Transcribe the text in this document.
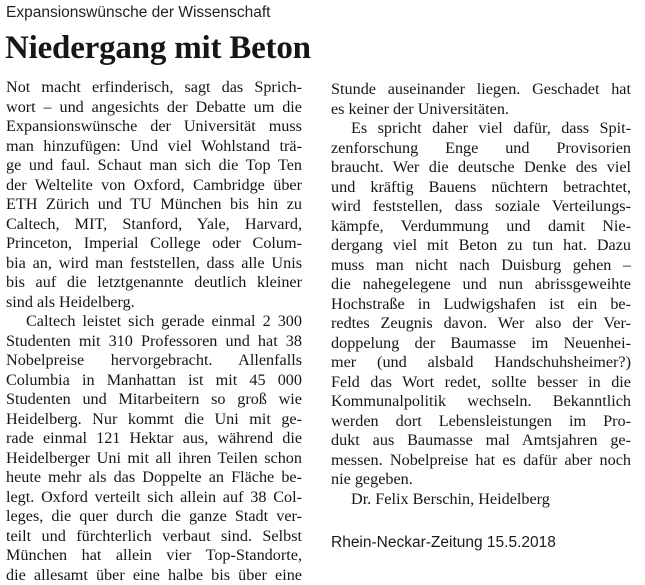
Expansionswünsche der Wissenschaft
Niedergang mit Beton
Not macht erfinderisch, sagt das Sprich-
wort – und angesichts der Debatte um die
Expansionswünsche der Universität muss
man hinzufügen: Und viel Wohlstand trä-
ge und faul. Schaut man sich die Top Ten
der Weltelite von Oxford, Cambridge über
ETH Zürich und TU München bis hin zu
Caltech, MIT, Stanford, Yale, Harvard,
Princeton, Imperial College oder Colum-
bia an, wird man feststellen, dass alle Unis
bis auf die letztgenannte deutlich kleiner
sind als Heidelberg.
Caltech leistet sich gerade einmal 2 300
Studenten mit 310 Professoren und hat 38
Nobelpreise hervorgebracht. Allenfalls
Columbia in Manhattan ist mit 45 000
Studenten und Mitarbeitern so groß wie
Heidelberg. Nur kommt die Uni mit ge-
rade einmal 121 Hektar aus, während die
Heidelberger Uni mit all ihren Teilen schon
heute mehr als das Doppelte an Fläche be-
legt. Oxford verteilt sich allein auf 38 Col-
leges, die quer durch die ganze Stadt ver-
teilt und fürchterlich verbaut sind. Selbst
München hat allein vier Top-Standorte,
die allesamt über eine halbe bis über eine
Stunde auseinander liegen. Geschadet hat
es keiner der Universitäten.
Es spricht daher viel dafür, dass Spit-
zenforschung Enge und Provisorien
braucht. Wer die deutsche Denke des viel
und kräftig Bauens nüchtern betrachtet,
wird feststellen, dass soziale Verteilungs-
kämpfe, Verdummung und damit Nie-
dergang viel mit Beton zu tun hat. Dazu
muss man nicht nach Duisburg gehen –
die nahegelegene und nun abrissgeweihte
Hochstraße in Ludwigshafen ist ein be-
redtes Zeugnis davon. Wer also der Ver-
doppelung der Baumasse im Neuenhei-
mer (und alsbald Handschuhsheimer?)
Feld das Wort redet, sollte besser in die
Kommunalpolitik wechseln. Bekanntlich
werden dort Lebensleistungen im Pro-
dukt aus Baumasse mal Amtsjahren ge-
messen. Nobelpreise hat es dafür aber noch
nie gegeben.
Dr. Felix Berschin, Heidelberg
Rhein-Neckar-Zeitung 15.5.2018
